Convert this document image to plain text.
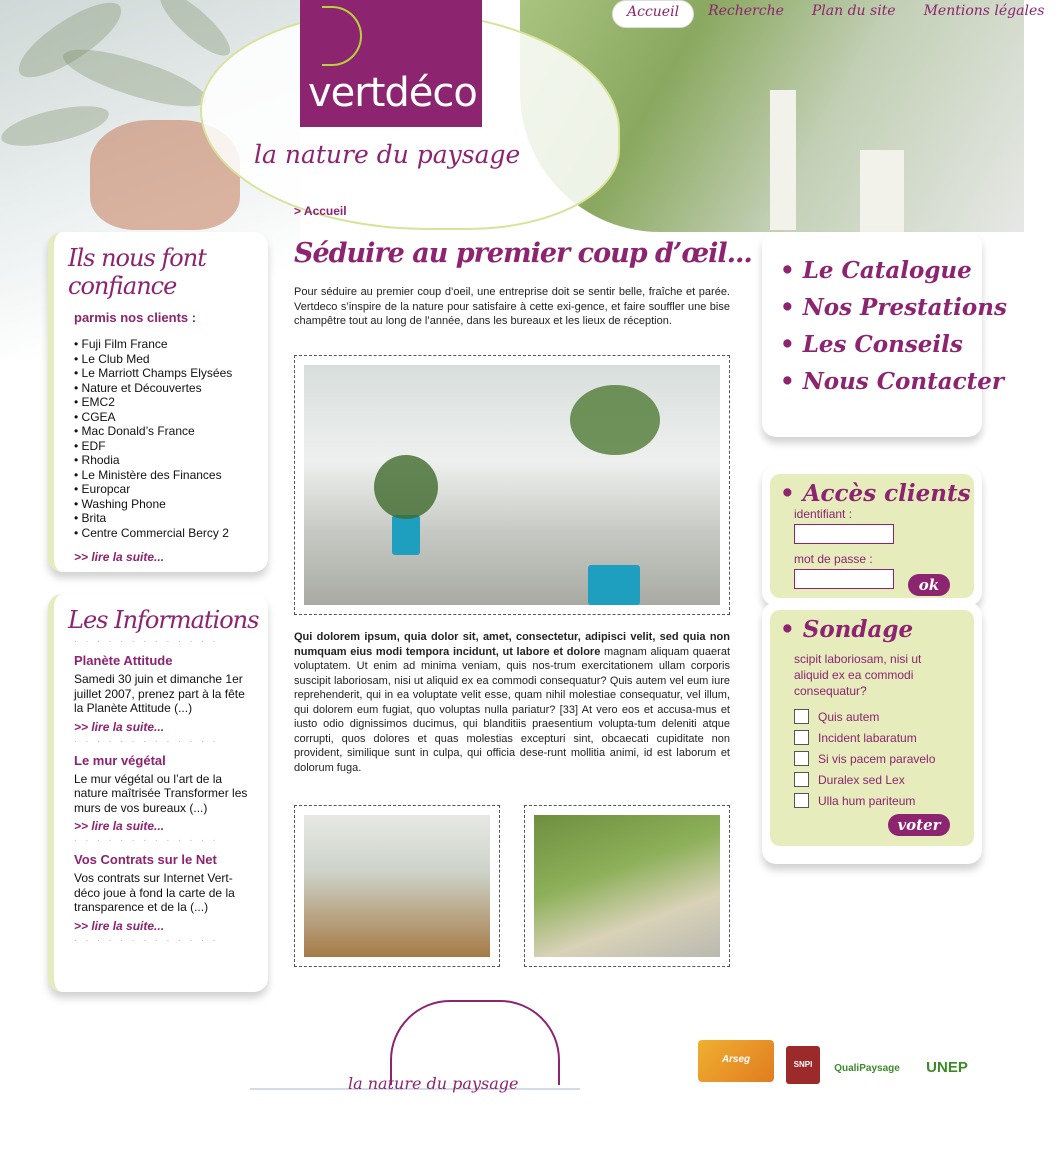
vertdéco
la nature du paysage
Accueil	Recherche	Plan du site	Mentions légales
> Accueil
Ils nous font confiance
parmis nos clients :
• Fuji Film France
• Le Club Med
• Le Marriott Champs Elysées
• Nature et Découvertes
• EMC2
• CGEA
• Mac Donald’s France
• EDF
• Rhodia
• Le Ministère des Finances
• Europcar
• Washing Phone
• Brita
• Centre Commercial Bercy 2
>> lire la suite...
Les Informations
. . . . . . . . . . . . .
Planète Attitude
Samedi 30 juin et dimanche 1er juillet 2007, prenez part à la fête la Planète Attitude (...)
>> lire la suite...
. . . . . . . . . . . . .
Le mur végétal
Le mur végétal ou l’art de la nature maîtrisée Transformer les murs de vos bureaux (...)
>> lire la suite...
. . . . . . . . . . . . .
Vos Contrats sur le Net
Vos contrats sur Internet Vert-déco joue à fond la carte de la transparence et de la (...)
>> lire la suite...
. . . . . . . . . . . . .
Séduire au premier coup d’œil...
Pour séduire au premier coup d’oeil, une entreprise doit se sentir belle, fraîche et parée. Vertdeco s’inspire de la nature pour satisfaire à cette exi-gence, et faire souffler une bise champêtre tout au long de l’année, dans les bureaux et les lieux de réception.
Qui dolorem ipsum, quia dolor sit, amet, consectetur, adipisci velit, sed quia non numquam eius modi tempora incidunt, ut labore et dolore magnam aliquam quaerat voluptatem. Ut enim ad minima veniam, quis nos-trum exercitationem ullam corporis suscipit laboriosam, nisi ut aliquid ex ea commodi consequatur? Quis autem vel eum iure reprehenderit, qui in ea voluptate velit esse, quam nihil molestiae consequatur, vel illum, qui dolorem eum fugiat, quo voluptas nulla pariatur? [33] At vero eos et accusa-mus et iusto odio dignissimos ducimus, qui blanditiis praesentium volupta-tum deleniti atque corrupti, quos dolores et quas molestias excepturi sint, obcaecati cupiditate non provident, similique sunt in culpa, qui officia dese-runt mollitia animi, id est laborum et dolorum fuga.
• Le Catalogue
• Nos Prestations
• Les Conseils
• Nous Contacter
• Accès clients
identifiant :
mot de passe :
ok
• Sondage
scipit laboriosam, nisi ut aliquid ex ea commodi consequatur?
Quis autem
Incident labaratum
Si vis pacem paravelo
Duralex sed Lex
Ulla hum pariteum
voter
la nature du paysage
Arseg	SNPI	QualiPaysage	UNEP
